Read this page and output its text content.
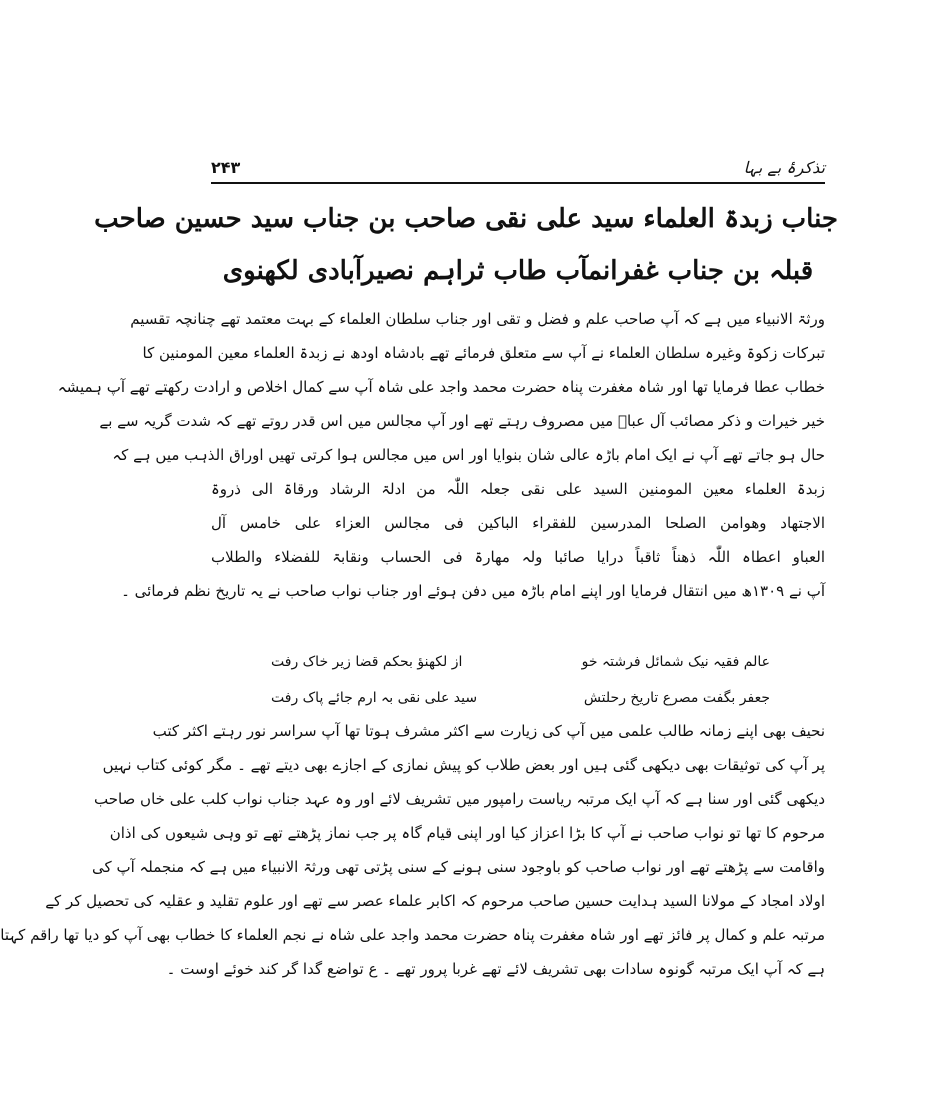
تذکرۂ بے بہا
۲۴۳
جناب زبدۃ العلماء سید علی نقی صاحب بن جناب سید حسین صاحب
قبلہ بن جناب غفرانمآب طاب ثراہم نصیرآبادی لکھنوی
ورثۃ الانبیاء میں ہے کہ آپ صاحب علم و فضل و تقی اور جناب سلطان العلماء کے بہت معتمد تھے چنانچہ تقسیم
تبرکات زکوۃ وغیرہ سلطان العلماء نے آپ سے متعلق فرمائے تھے بادشاہ اودھ نے زبدۃ العلماء معین المومنین کا
خطاب عطا فرمایا تھا اور شاہ مغفرت پناہ حضرت محمد واجد علی شاہ آپ سے کمال اخلاص و ارادت رکھتے تھے آپ ہمیشہ
خیر خیرات و ذکر مصائب آل عباؑ میں مصروف رہتے تھے اور آپ مجالس میں اس قدر روتے تھے کہ شدت گریہ سے بے
حال ہو جاتے تھے آپ نے ایک امام باڑہ عالی شان بنوایا اور اس میں مجالس ہوا کرتی تھیں اوراق الذہب میں ہے کہ
زبدۃ العلماء معین المومنین السید علی نقی جعلہ اللّٰہ من ادلۃ الرشاد ورقاۃ الی ذروۃ
الاجتھاد وھوامن الصلحا المدرسین للفقراء الباکین فی مجالس العزاء علی خامس آل
العباو اعطاہ اللّٰہ ذھناً ثاقباً درایا صائبا ولہ مھارۃ فی الحساب ونقابۃ للفضلاء والطلاب
آپ نے ۱۳۰۹ھ میں انتقال فرمایا اور اپنے امام باڑہ میں دفن ہوئے اور جناب نواب صاحب نے یہ تاریخ نظم فرمائی ۔
عالم فقیہ نیک شمائل فرشتہ خو
از لکھنؤ بحکم قضا زیر خاک رفت
جعفر بگفت مصرع تاریخ رحلتش
سید علی نقی بہ ارم جائے پاک رفت
نحیف بھی اپنے زمانہ طالب علمی میں آپ کی زیارت سے اکثر مشرف ہوتا تھا آپ سراسر نور رہتے اکثر کتب
پر آپ کی توثیقات بھی دیکھی گئی ہیں اور بعض طلاب کو پیش نمازی کے اجازے بھی دیتے تھے ۔ مگر کوئی کتاب نہیں
دیکھی گئی اور سنا ہے کہ آپ ایک مرتبہ ریاست رامپور میں تشریف لائے اور وہ عہد جناب نواب کلب علی خاں صاحب
مرحوم کا تھا تو نواب صاحب نے آپ کا بڑا اعزاز کیا اور اپنی قیام گاہ پر جب نماز پڑھتے تھے تو وہی شیعوں کی اذان
واقامت سے پڑھتے تھے اور نواب صاحب کو باوجود سنی ہونے کے سنی پڑتی تھی ورثۃ الانبیاء میں ہے کہ منجملہ آپ کی
اولاد امجاد کے مولانا السید ہدایت حسین صاحب مرحوم کہ اکابر علماء عصر سے تھے اور علوم تقلید و عقلیہ کی تحصیل کر کے
مرتبہ علم و کمال پر فائز تھے اور شاہ مغفرت پناہ حضرت محمد واجد علی شاہ نے نجم العلماء کا خطاب بھی آپ کو دیا تھا راقم کہتا
ہے کہ آپ ایک مرتبہ گونوہ سادات بھی تشریف لائے تھے غربا پرور تھے ۔ ع تواضع گدا گر کند خوئے اوست ۔
